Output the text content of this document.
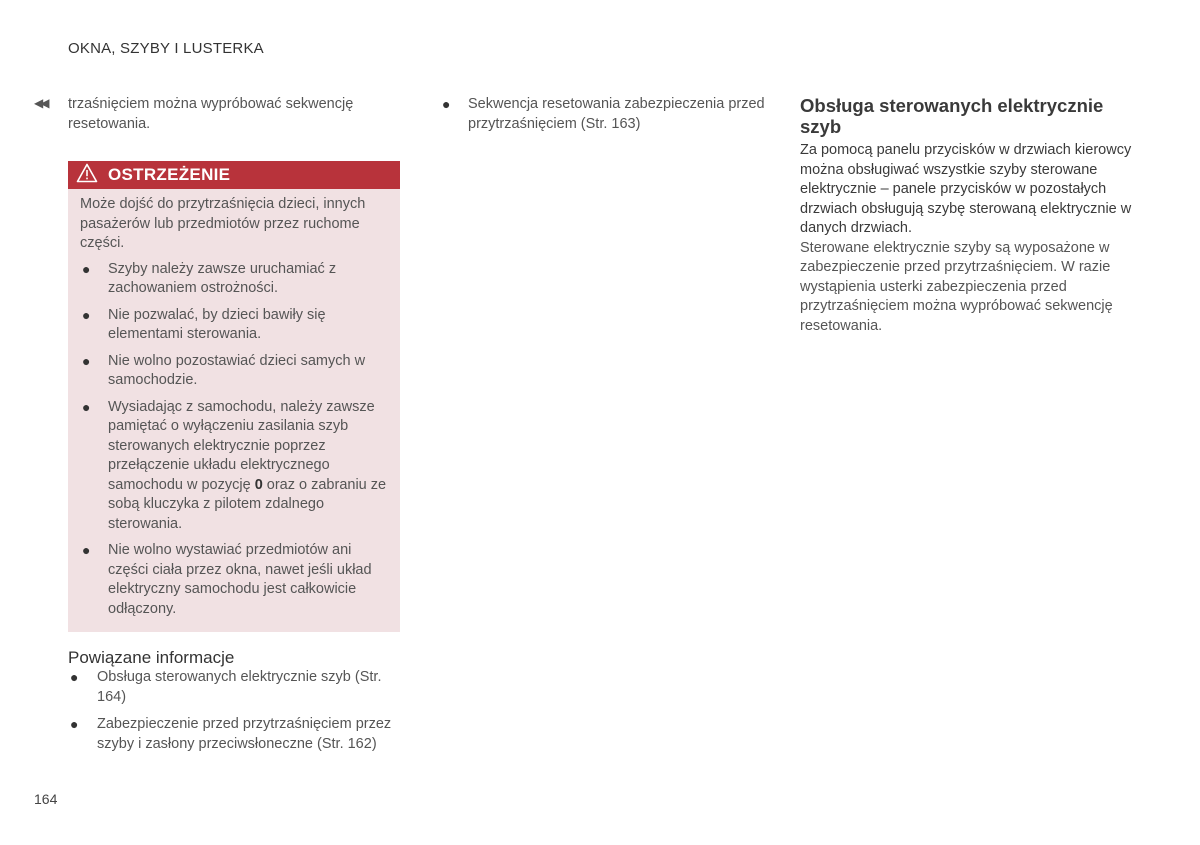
OKNA, SZYBY I LUSTERKA
◀◀ trzaśnięciem można wypróbować sekwencję resetowania.

OSTRZEŻENIE

Może dojść do przytrzaśnięcia dzieci, innych pasażerów lub przedmiotów przez ruchome części.

● Szyby należy zawsze uruchamiać z zachowaniem ostrożności.
● Nie pozwalać, by dzieci bawiły się elementami sterowania.
● Nie wolno pozostawiać dzieci samych w samochodzie.
● Wysiadając z samochodu, należy zawsze pamiętać o wyłączeniu zasilania szyb sterowanych elektrycznie poprzez przełączenie układu elektrycznego samochodu w pozycję 0 oraz o zabraniu ze sobą kluczyka z pilotem zdalnego sterowania.
● Nie wolno wystawiać przedmiotów ani części ciała przez okna, nawet jeśli układ elektryczny samochodu jest całkowicie odłączony.
Powiązane informacje
● Obsługa sterowanych elektrycznie szyb (Str. 164)
● Zabezpieczenie przed przytrzaśnięciem przez szyby i zasłony przeciwsłoneczne (Str. 162)
● Sekwencja resetowania zabezpieczenia przed przytrzaśnięciem (Str. 163)
Obsługa sterowanych elektrycznie szyb

Za pomocą panelu przycisków w drzwiach kierowcy można obsługiwać wszystkie szyby sterowane elektrycznie – panele przycisków w pozostałych drzwiach obsługują szybę sterowaną elektrycznie w danych drzwiach.

Sterowane elektrycznie szyby są wyposażone w zabezpieczenie przed przytrzaśnięciem. W razie wystąpienia usterki zabezpieczenia przed przytrzaśnięciem można wypróbować sekwencję resetowania.

164
